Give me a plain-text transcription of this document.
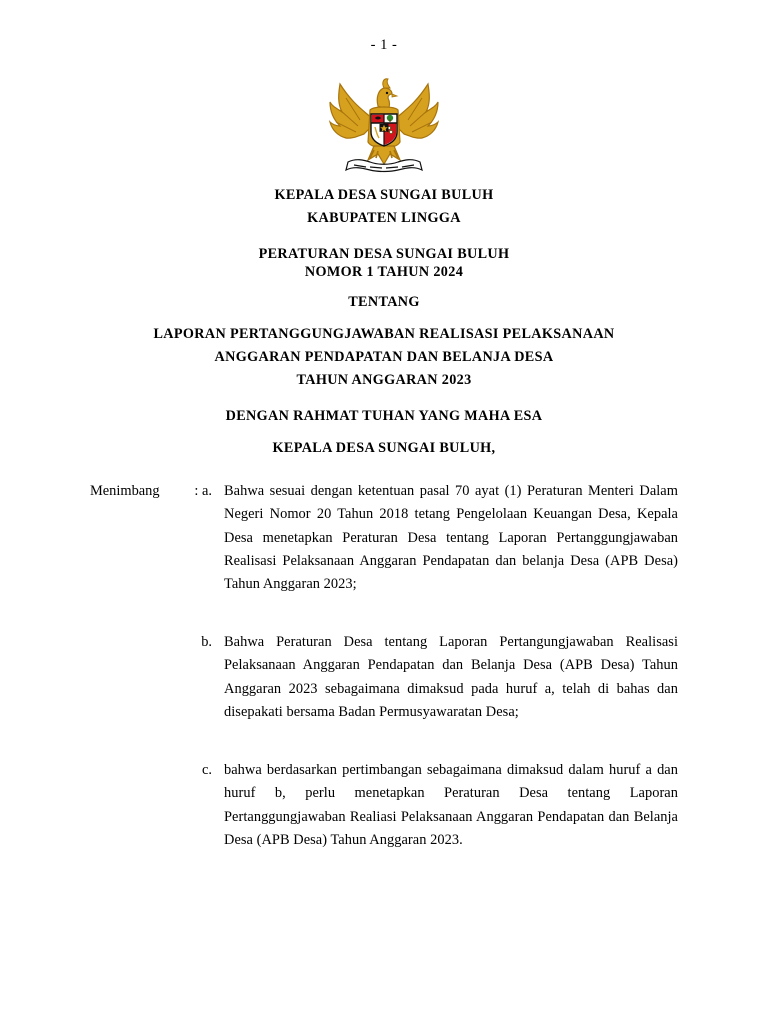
- 1 -
KEPALA DESA SUNGAI BULUH
KABUPATEN LINGGA
PERATURAN DESA SUNGAI BULUH
NOMOR 1 TAHUN 2024
TENTANG
LAPORAN PERTANGGUNGJAWABAN REALISASI PELAKSANAAN
ANGGARAN PENDAPATAN DAN BELANJA DESA
TAHUN ANGGARAN 2023
DENGAN RAHMAT TUHAN YANG MAHA ESA
KEPALA DESA SUNGAI BULUH,
Menimbang	: a. Bahwa sesuai dengan ketentuan pasal 70 ayat (1) Peraturan Menteri Dalam Negeri Nomor 20 Tahun 2018 tetang Pengelolaan Keuangan Desa, Kepala Desa menetapkan Peraturan Desa tentang Laporan Pertanggungjawaban Realisasi Pelaksanaan Anggaran Pendapatan dan belanja Desa (APB Desa) Tahun Anggaran 2023;
b. Bahwa Peraturan Desa tentang Laporan Pertangungjawaban Realisasi Pelaksanaan Anggaran Pendapatan dan Belanja Desa (APB Desa) Tahun Anggaran 2023 sebagaimana dimaksud pada huruf a, telah di bahas dan disepakati bersama Badan Permusyawaratan Desa;
c. bahwa berdasarkan pertimbangan sebagaimana dimaksud dalam huruf a dan huruf b, perlu menetapkan Peraturan Desa tentang Laporan Pertanggungjawaban Realiasi Pelaksanaan Anggaran Pendapatan dan Belanja Desa (APB Desa) Tahun Anggaran 2023.
